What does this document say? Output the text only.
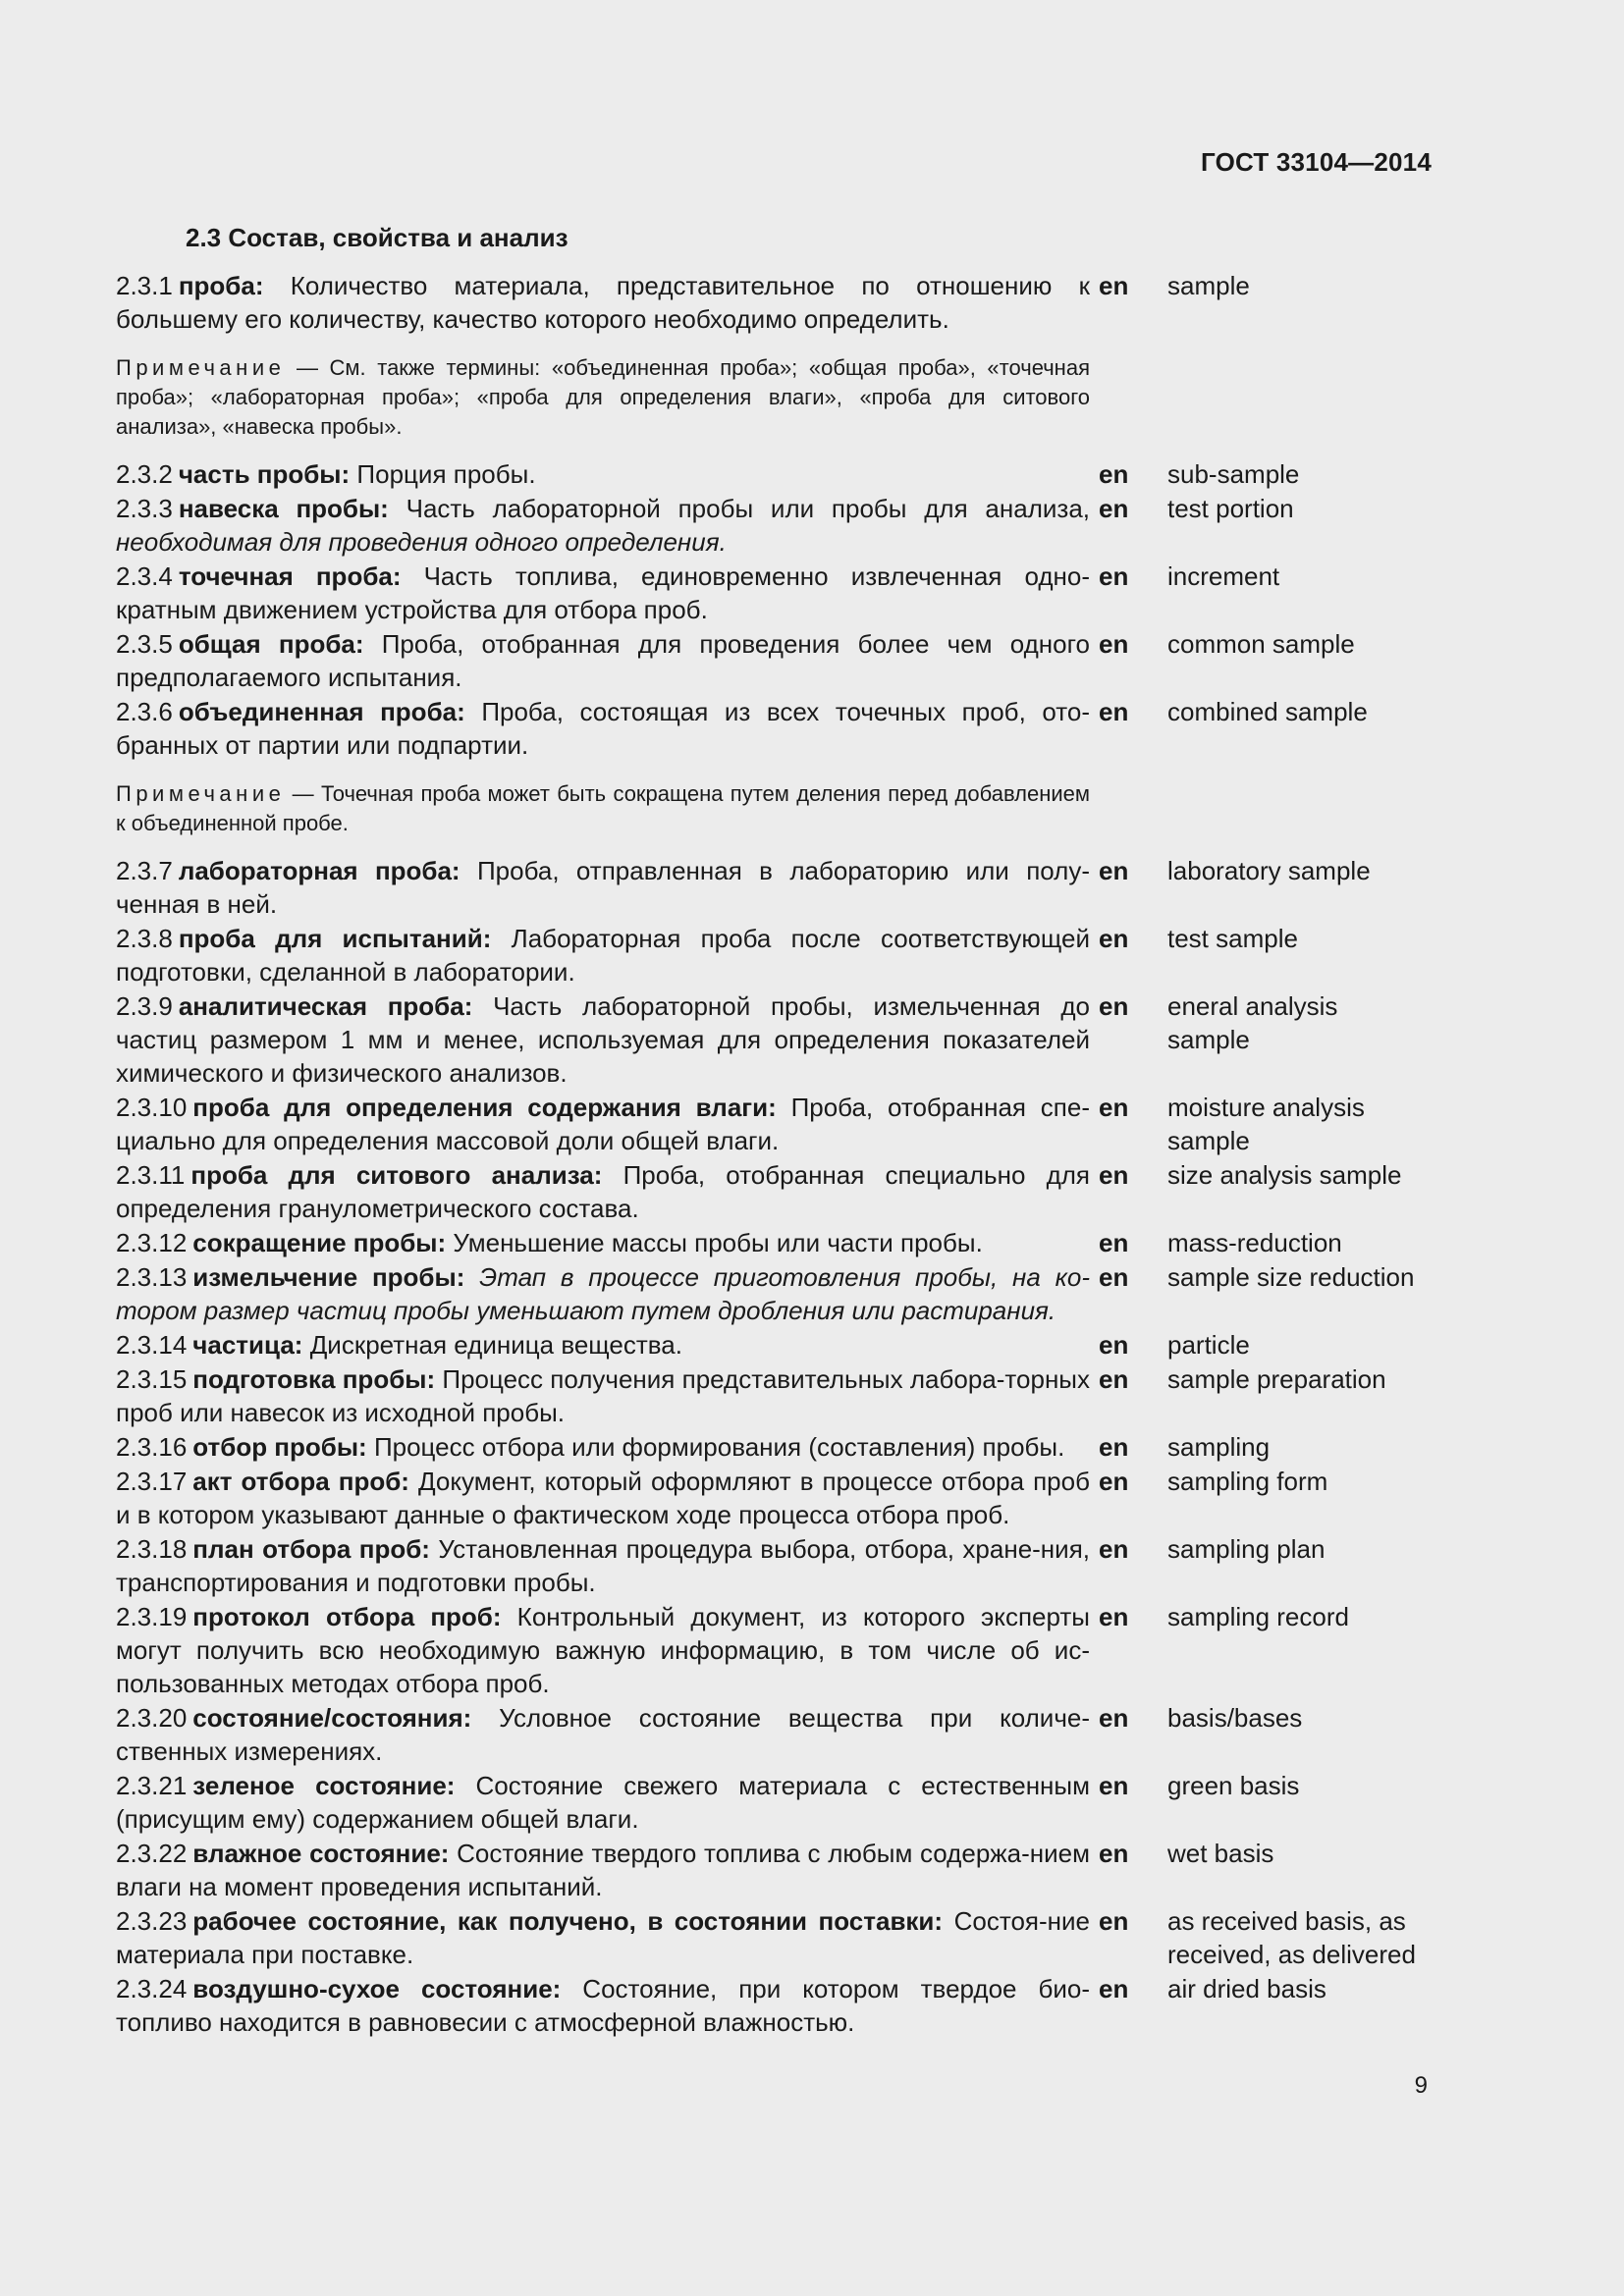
ГОСТ 33104—2014
2.3 Состав, свойства и анализ
2.3.1 проба: Количество материала, представительное по отношению к большему его количеству, качество которого необходимо определить.
en	sample
Примечание — См. также термины: «объединенная проба»; «общая проба», «точечная проба»; «лабораторная проба»; «проба для определения влаги», «проба для ситового анализа», «навеска пробы».
2.3.2 часть пробы: Порция пробы.	en	sub-sample
2.3.3 навеска пробы: Часть лабораторной пробы или пробы для анализа, необходимая для проведения одного определения.
en	test portion
2.3.4 точечная проба: Часть топлива, единовременно извлеченная одно-кратным движением устройства для отбора проб.
en	increment
2.3.5 общая проба: Проба, отобранная для проведения более чем одного предполагаемого испытания.
en	common sample
2.3.6 объединенная проба: Проба, состоящая из всех точечных проб, ото-бранных от партии или подпартии.
en	combined sample
Примечание — Точечная проба может быть сокращена путем деления перед добавлением к объединенной пробе.
2.3.7 лабораторная проба: Проба, отправленная в лабораторию или полу-ченная в ней.
en	laboratory sample
2.3.8 проба для испытаний: Лабораторная проба после соответствующей подготовки, сделанной в лаборатории.
en	test sample
2.3.9 аналитическая проба: Часть лабораторной пробы, измельченная до частиц размером 1 мм и менее, используемая для определения показателей химического и физического анализов.
en	eneral analysis sample
2.3.10 проба для определения содержания влаги: Проба, отобранная спе-циально для определения массовой доли общей влаги.
en	moisture analysis sample
2.3.11 проба для ситового анализа: Проба, отобранная специально для определения гранулометрического состава.
en	size analysis sample
2.3.12 сокращение пробы: Уменьшение массы пробы или части пробы.	en	mass-reduction
2.3.13 измельчение пробы: Этап в процессе приготовления пробы, на ко-тором размер частиц пробы уменьшают путем дробления или растирания.
en	sample size reduction
2.3.14 частица: Дискретная единица вещества.	en	particle
2.3.15 подготовка пробы: Процесс получения представительных лабора-торных проб или навесок из исходной пробы.
en	sample preparation
2.3.16 отбор пробы: Процесс отбора или формирования (составления) пробы.	en	sampling
2.3.17 акт отбора проб: Документ, который оформляют в процессе отбора проб и в котором указывают данные о фактическом ходе процесса отбора проб.
en	sampling form
2.3.18 план отбора проб: Установленная процедура выбора, отбора, хране-ния, транспортирования и подготовки пробы.
en	sampling plan
2.3.19 протокол отбора проб: Контрольный документ, из которого эксперты могут получить всю необходимую важную информацию, в том числе об ис-пользованных методах отбора проб.
en	sampling record
2.3.20 состояние/состояния: Условное состояние вещества при количе-ственных измерениях.
en	basis/bases
2.3.21 зеленое состояние: Состояние свежего материала с естественным (присущим ему) содержанием общей влаги.
en	green basis
2.3.22 влажное состояние: Состояние твердого топлива с любым содержа-нием влаги на момент проведения испытаний.
en	wet basis
2.3.23 рабочее состояние, как получено, в состоянии поставки: Состоя-ние материала при поставке.
en	as received basis, as received, as delivered
2.3.24 воздушно-сухое состояние: Состояние, при котором твердое био-топливо находится в равновесии с атмосферной влажностью.
en	air dried basis
9
